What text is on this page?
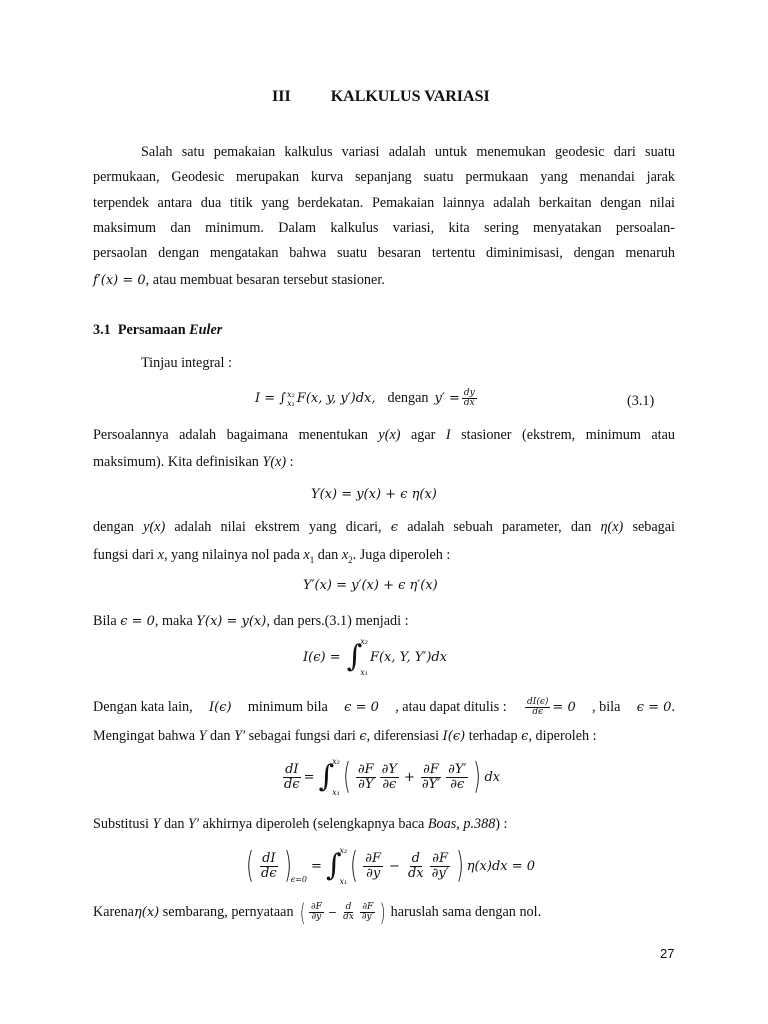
III	KALKULUS VARIASI
Salah satu pemakaian kalkulus variasi adalah untuk menemukan geodesic dari suatu
permukaan, Geodesic merupakan kurva sepanjang suatu permukaan yang menandai jarak
terpendek antara dua titik yang berdekatan. Pemakaian lainnya adalah berkaitan dengan nilai
maksimum dan minimum. Dalam kalkulus variasi, kita sering menyatakan persoalan-
persaolan dengan mengatakan bahwa suatu besaran tertentu diminimisasi, dengan menaruh
f′(x) = 0, atau membuat besaran tersebut stasioner.
3.1 Persamaan Euler
Tinjau integral :
I = ∫ x₂
x₁ F(x, y, y′)dx, dengan $y' = \frac{dy}{dx}$	(3.1)
Persoalannya adalah bagaimana menentukan y(x) agar I stasioner (ekstrem, minimum atau
maksimum). Kita definisikan Y(x) :
Y(x) = y(x) + ϵ η(x)
dengan y(x) adalah nilai ekstrem yang dicari, ϵ adalah sebuah parameter, dan η(x) sebagai
fungsi dari x, yang nilainya nol pada $x_1$ dan $x_2$. Juga diperoleh :
Y′(x) = y′(x) + ϵ η′(x)
Bila ϵ = 0, maka Y(x) = y(x), dan pers.(3.1) menjadi :
I(ϵ) = ∫
x₂
x₁
F(x, Y, Y′)dx
Dengan kata lain, I(ϵ) minimum bila ϵ = 0 , atau dapat ditulis : $\frac{dI(\epsilon)}{d\epsilon} = 0$ , bila ϵ = 0.
Mengingat bahwa Y dan Y′ sebagai fungsi dari ϵ, diferensiasi I(ϵ) terhadap ϵ, diperoleh :
$\frac{dI}{d\epsilon}$ = ∫
x₂
x₁ ( $\frac{\partial F}{\partial Y} \frac{\partial Y}{\partial\epsilon} + \frac{\partial F}{\partial Y'} \frac{\partial Y'}{\partial\epsilon}$ ) dx
Substitusi Y dan Y′ akhirnya diperoleh (selengkapnya baca Boas, p.388) :
( $\frac{dI}{d\epsilon}$ ) ϵ=0
= ∫
x₂
x₁ ( $\frac{\partial F}{\partial y} - \frac{d}{dx} \frac{\partial F}{\partial y'}$ ) η(x)dx = 0
Karena η(x) sembarang, pernyataan ( $\frac{\partial F}{\partial y} - \frac{d}{dx} \frac{\partial F}{\partial y'}$ ) haruslah sama dengan nol.
27
